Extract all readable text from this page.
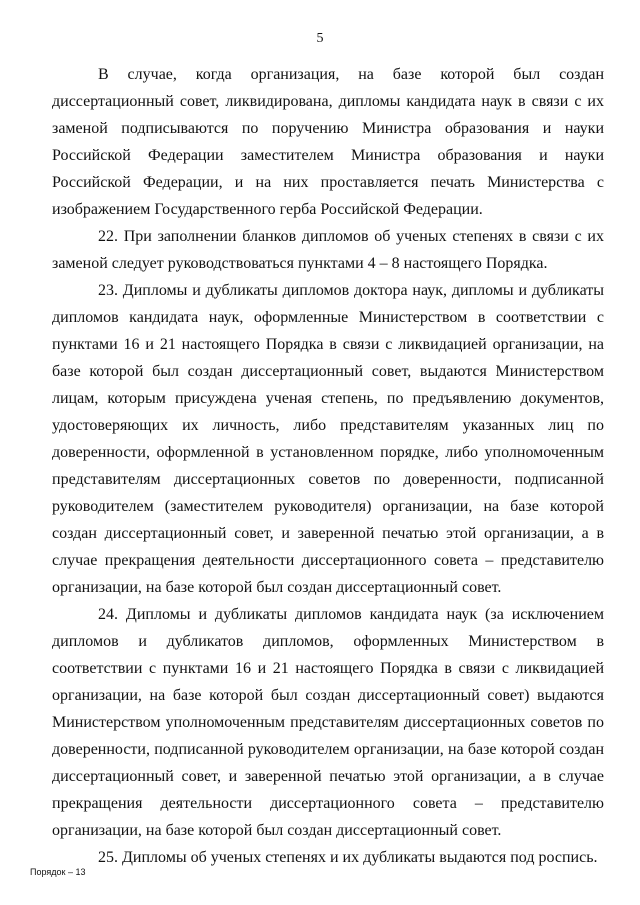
5

В случае, когда организация, на базе которой был создан диссертационный совет, ликвидирована, дипломы кандидата наук в связи с их заменой подписываются по поручению Министра образования и науки Российской Федерации заместителем Министра образования и науки Российской Федерации, и на них проставляется печать Министерства с изображением Государственного герба Российской Федерации.

22. При заполнении бланков дипломов об ученых степенях в связи с их заменой следует руководствоваться пунктами 4 – 8 настоящего Порядка.

23. Дипломы и дубликаты дипломов доктора наук, дипломы и дубликаты дипломов кандидата наук, оформленные Министерством в соответствии с пунктами 16 и 21 настоящего Порядка в связи с ликвидацией организации, на базе которой был создан диссертационный совет, выдаются Министерством лицам, которым присуждена ученая степень, по предъявлению документов, удостоверяющих их личность, либо представителям указанных лиц по доверенности, оформленной в установленном порядке, либо уполномоченным представителям диссертационных советов по доверенности, подписанной руководителем (заместителем руководителя) организации, на базе которой создан диссертационный совет, и заверенной печатью этой организации, а в случае прекращения деятельности диссертационного совета – представителю организации, на базе которой был создан диссертационный совет.

24. Дипломы и дубликаты дипломов кандидата наук (за исключением дипломов и дубликатов дипломов, оформленных Министерством в соответствии с пунктами 16 и 21 настоящего Порядка в связи с ликвидацией организации, на базе которой был создан диссертационный совет) выдаются Министерством уполномоченным представителям диссертационных советов по доверенности, подписанной руководителем организации, на базе которой создан диссертационный совет, и заверенной печатью этой организации, а в случае прекращения деятельности диссертационного совета – представителю организации, на базе которой был создан диссертационный совет.

25. Дипломы об ученых степенях и их дубликаты выдаются под роспись.

Порядок – 13
